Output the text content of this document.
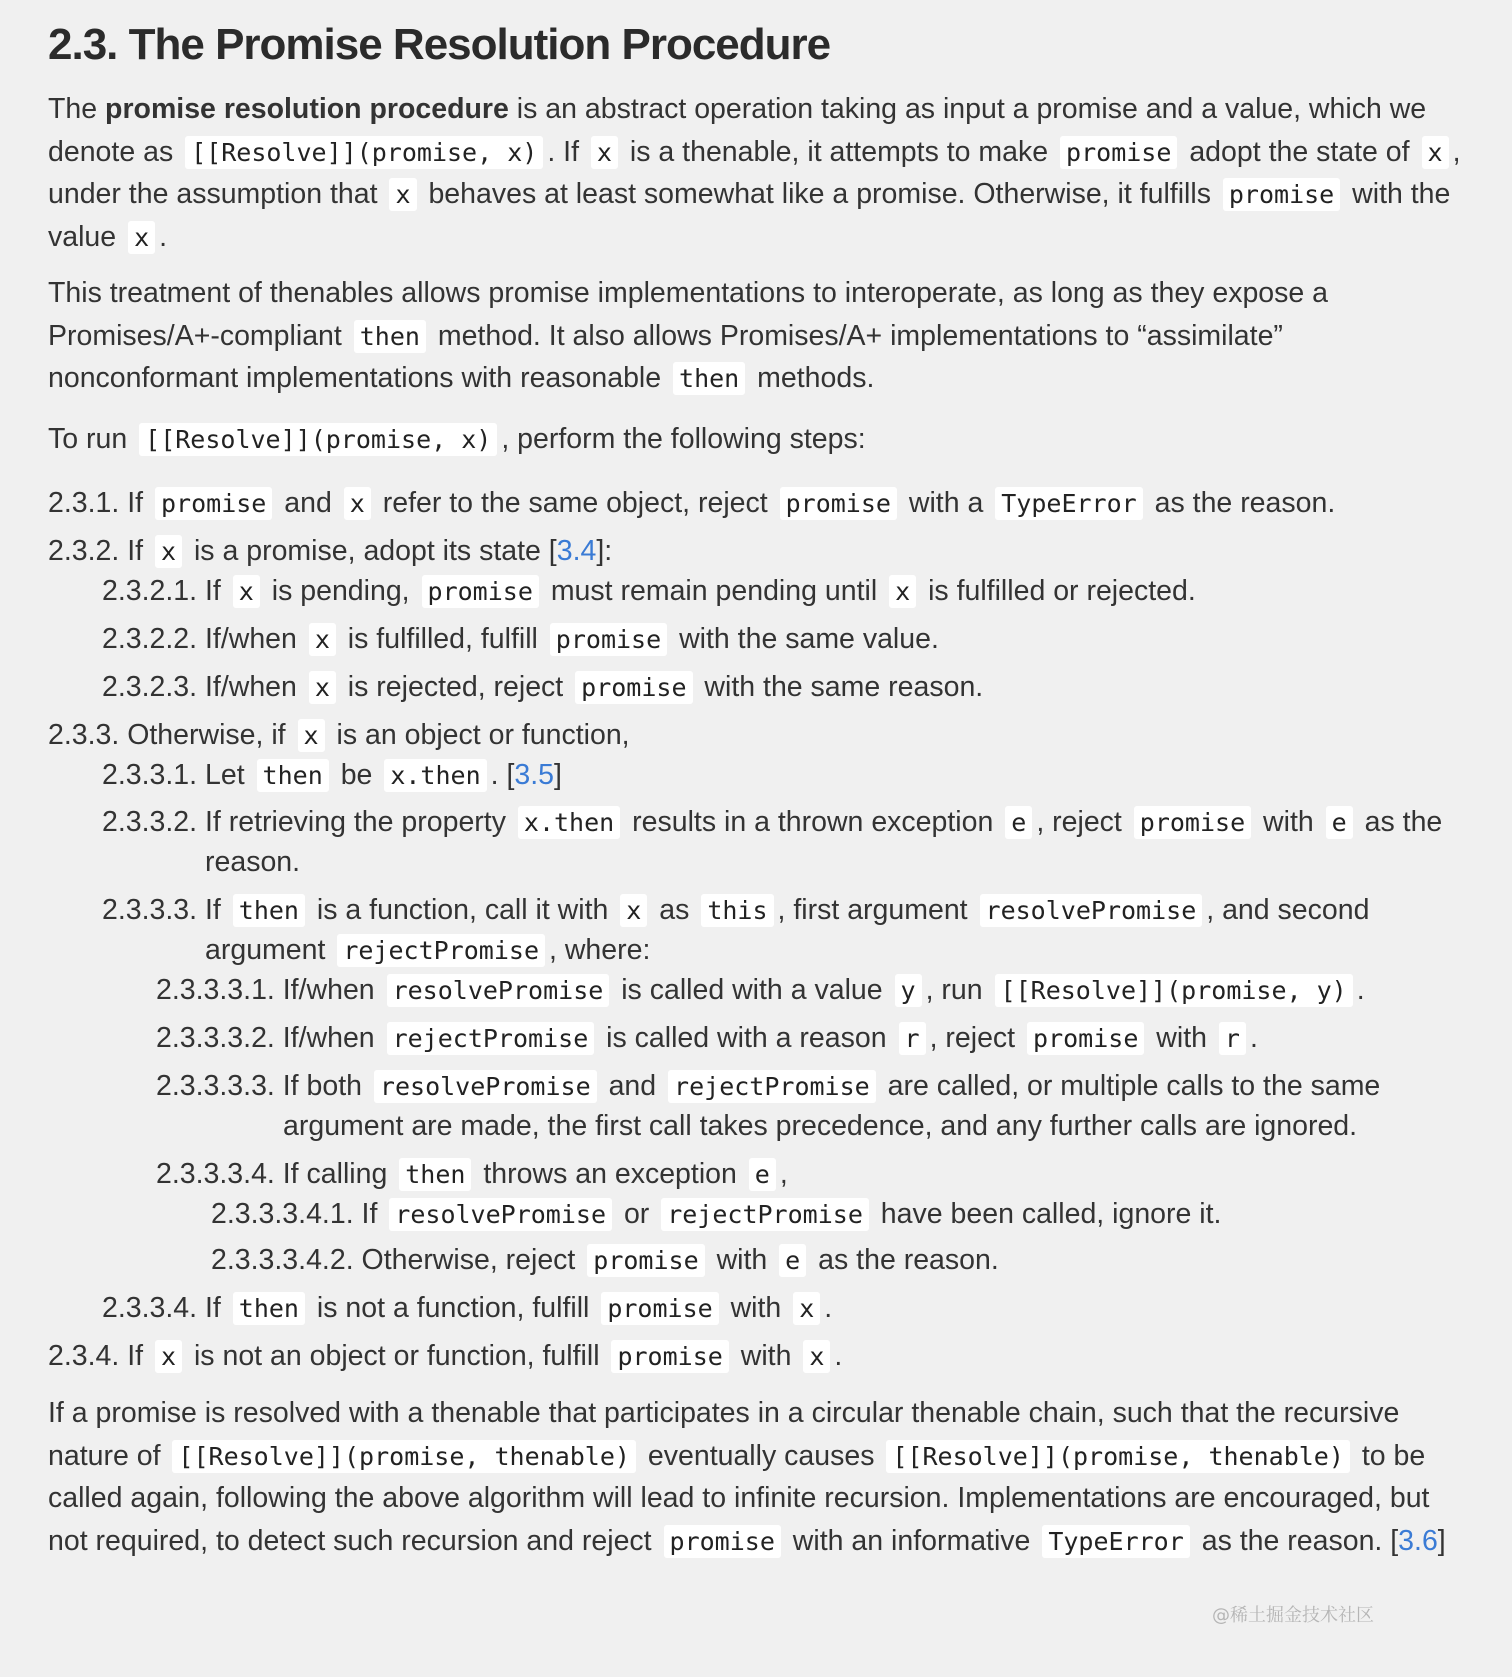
2.3. The Promise Resolution Procedure
The promise resolution procedure is an abstract operation taking as input a promise and a value, which we
denote as [[Resolve]](promise, x) . If x is a thenable, it attempts to make promise adopt the state of x ,
under the assumption that x behaves at least somewhat like a promise. Otherwise, it fulfills promise with the
value x .
This treatment of thenables allows promise implementations to interoperate, as long as they expose a
Promises/A+-compliant then method. It also allows Promises/A+ implementations to “assimilate”
nonconformant implementations with reasonable then methods.
To run [[Resolve]](promise, x) , perform the following steps:
2.3.1. If promise and x refer to the same object, reject promise with a TypeError as the reason.
2.3.2. If x is a promise, adopt its state [3.4]:
2.3.2.1. If x is pending, promise must remain pending until x is fulfilled or rejected.
2.3.2.2. If/when x is fulfilled, fulfill promise with the same value.
2.3.2.3. If/when x is rejected, reject promise with the same reason.
2.3.3. Otherwise, if x is an object or function,
2.3.3.1. Let then be x.then . [3.5]
2.3.3.2. If retrieving the property x.then results in a thrown exception e , reject promise with e as the
reason.
2.3.3.3. If then is a function, call it with x as this , first argument resolvePromise , and second
argument rejectPromise , where:
2.3.3.3.1. If/when resolvePromise is called with a value y , run [[Resolve]](promise, y) .
2.3.3.3.2. If/when rejectPromise is called with a reason r , reject promise with r .
2.3.3.3.3. If both resolvePromise and rejectPromise are called, or multiple calls to the same
argument are made, the first call takes precedence, and any further calls are ignored.
2.3.3.3.4. If calling then throws an exception e ,
2.3.3.3.4.1. If resolvePromise or rejectPromise have been called, ignore it.
2.3.3.3.4.2. Otherwise, reject promise with e as the reason.
2.3.3.4. If then is not a function, fulfill promise with x .
2.3.4. If x is not an object or function, fulfill promise with x .
If a promise is resolved with a thenable that participates in a circular thenable chain, such that the recursive
nature of [[Resolve]](promise, thenable) eventually causes [[Resolve]](promise, thenable) to be
called again, following the above algorithm will lead to infinite recursion. Implementations are encouraged, but
not required, to detect such recursion and reject promise with an informative TypeError as the reason. [3.6]
@稀土掘金技术社区
